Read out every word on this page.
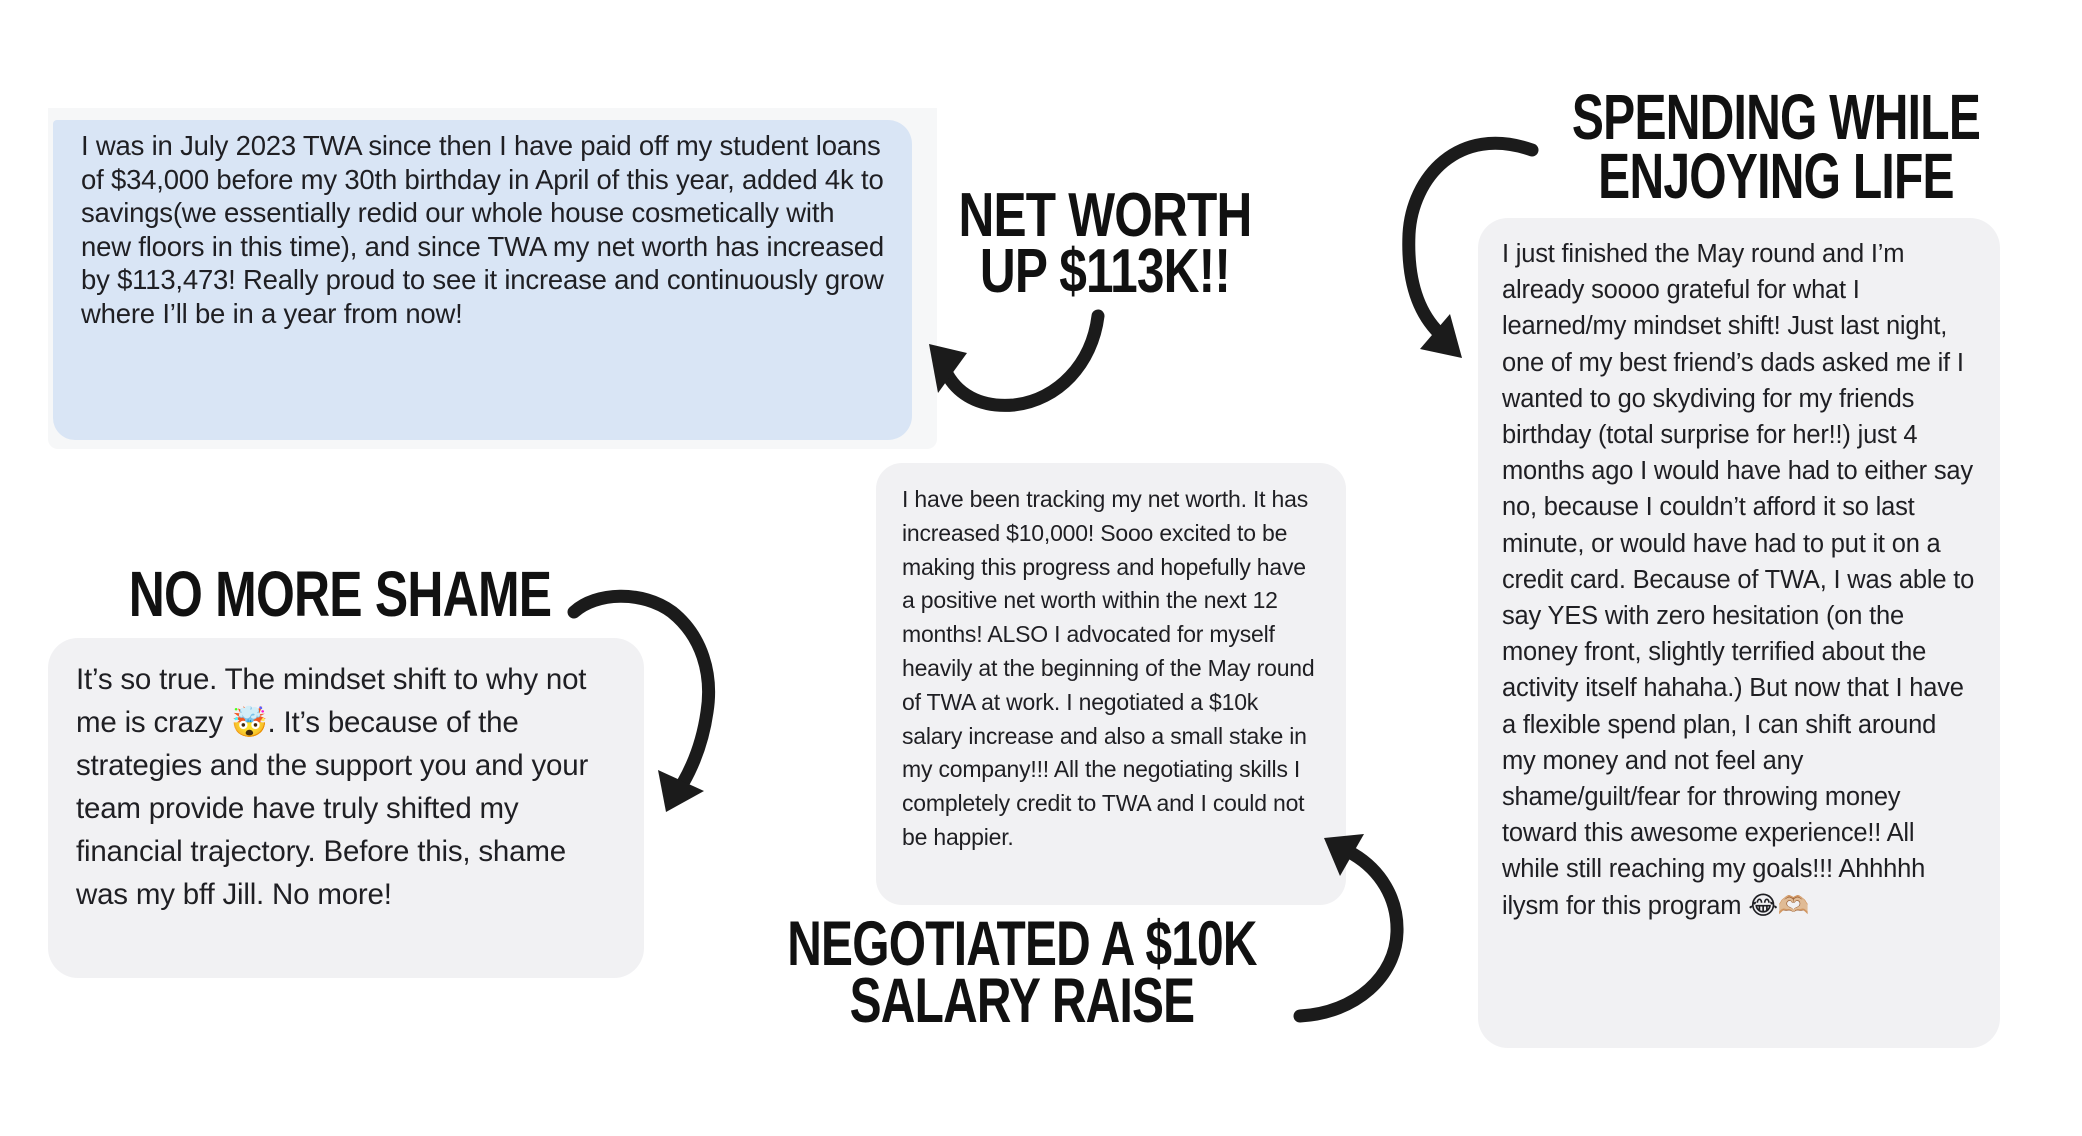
I was in July 2023 TWA since then I have paid off my student loans of $34,000 before my 30th birthday in April of this year, added 4k to savings(we essentially redid our whole house cosmetically with new floors in this time), and since TWA my net worth has increased by $113,473! Really proud to see it increase and continuously grow where I’ll be in a year from now!

NET WORTH
UP $113K!!
SPENDING WHILE
ENJOYING LIFE

I just finished the May round and I’m already soooo grateful for what I learned/my mindset shift! Just last night, one of my best friend’s dads asked me if I wanted to go skydiving for my friends birthday (total surprise for her!!) just 4 months ago I would have had to either say no, because I couldn’t afford it so last minute, or would have had to put it on a credit card. Because of TWA, I was able to say YES with zero hesitation (on the money front, slightly terrified about the activity itself hahaha.) But now that I have a flexible spend plan, I can shift around my money and not feel any shame/guilt/fear for throwing money toward this awesome experience!! All while still reaching my goals!!! Ahhhhh ilysm for this program 😂🫶🏼

NO MORE SHAME

It’s so true. The mindset shift to why not me is crazy 🤯. It’s because of the strategies and the support you and your team provide have truly shifted my financial trajectory. Before this, shame was my bff Jill. No more!

I have been tracking my net worth. It has increased $10,000! Sooo excited to be making this progress and hopefully have a positive net worth within the next 12 months! ALSO I advocated for myself heavily at the beginning of the May round of TWA at work. I negotiated a $10k salary increase and also a small stake in my company!!! All the negotiating skills I completely credit to TWA and I could not be happier.

NEGOTIATED A $10K
SALARY RAISE
